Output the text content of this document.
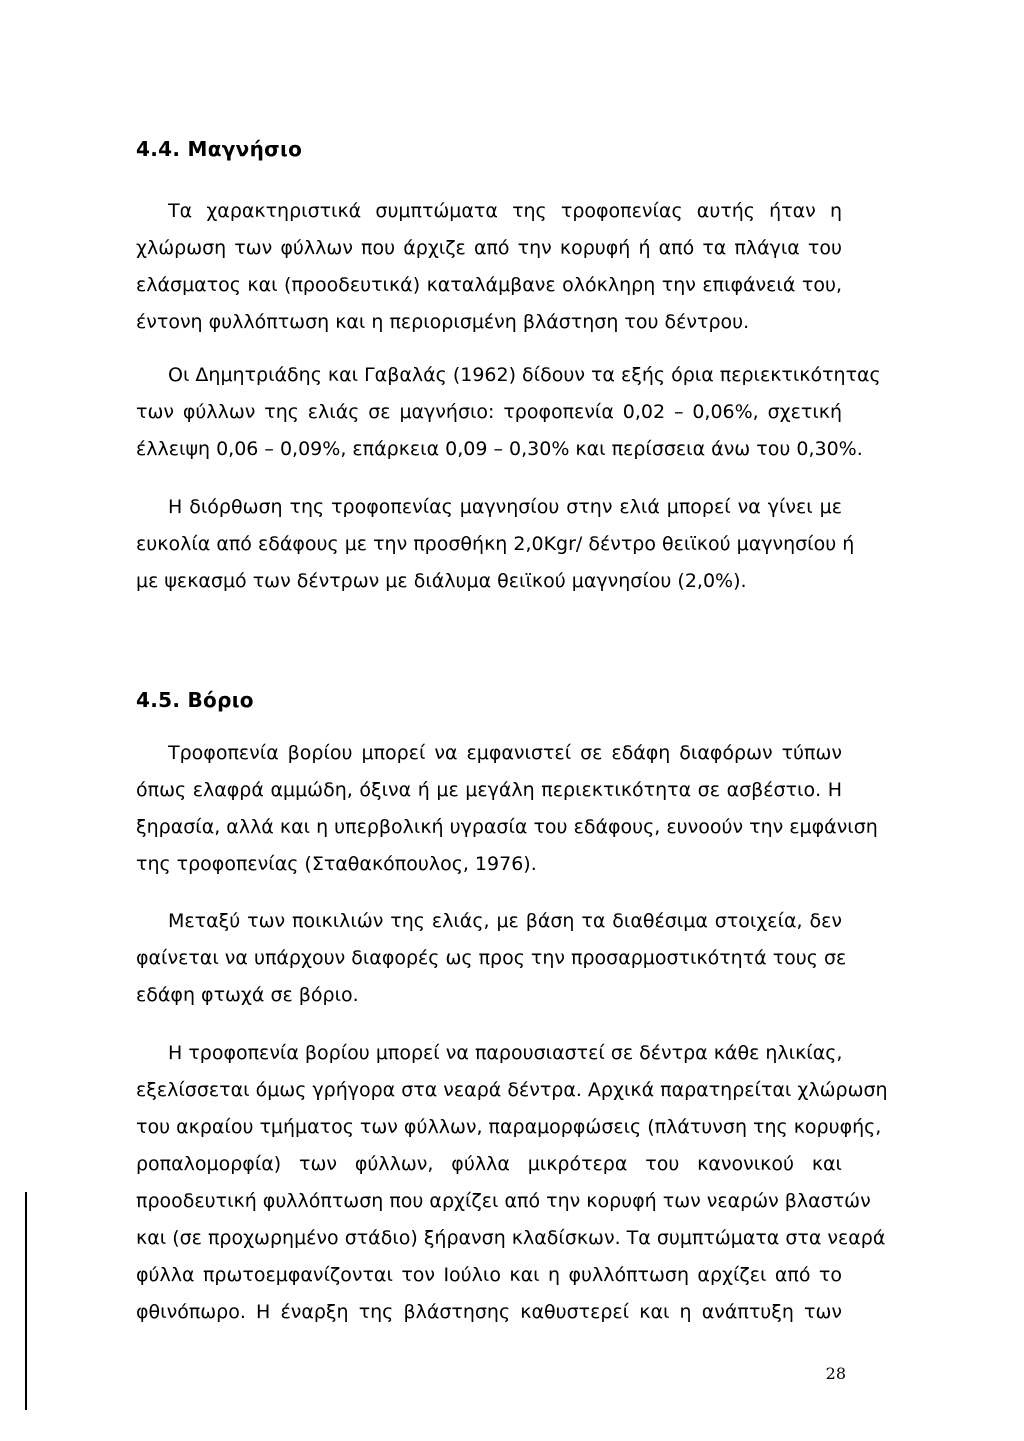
4.4. Μαγνήσιο
Τα χαρακτηριστικά συμπτώματα της τροφοπενίας αυτής ήταν η
χλώρωση των φύλλων που άρχιζε από την κορυφή ή από τα πλάγια του
ελάσματος και (προοδευτικά) καταλάμβανε ολόκληρη την επιφάνειά του,
έντονη φυλλόπτωση και η περιορισμένη βλάστηση του δέντρου.
Οι Δημητριάδης και Γαβαλάς (1962) δίδουν τα εξής όρια περιεκτικότητας
των φύλλων της ελιάς σε μαγνήσιο: τροφοπενία 0,02 – 0,06%, σχετική
έλλειψη 0,06 – 0,09%, επάρκεια 0,09 – 0,30% και περίσσεια άνω του 0,30%.
Η διόρθωση της τροφοπενίας μαγνησίου στην ελιά μπορεί να γίνει με
ευκολία από εδάφους με την προσθήκη 2,0Kgr/ δέντρο θειϊκού μαγνησίου ή
με ψεκασμό των δέντρων με διάλυμα θειϊκού μαγνησίου (2,0%).
4.5. Βόριο
Τροφοπενία βορίου μπορεί να εμφανιστεί σε εδάφη διαφόρων τύπων
όπως ελαφρά αμμώδη, όξινα ή με μεγάλη περιεκτικότητα σε ασβέστιο. Η
ξηρασία, αλλά και η υπερβολική υγρασία του εδάφους, ευνοούν την εμφάνιση
της τροφοπενίας (Σταθακόπουλος, 1976).
Μεταξύ των ποικιλιών της ελιάς, με βάση τα διαθέσιμα στοιχεία, δεν
φαίνεται να υπάρχουν διαφορές ως προς την προσαρμοστικότητά τους σε
εδάφη φτωχά σε βόριο.
Η τροφοπενία βορίου μπορεί να παρουσιαστεί σε δέντρα κάθε ηλικίας,
εξελίσσεται όμως γρήγορα στα νεαρά δέντρα. Αρχικά παρατηρείται χλώρωση
του ακραίου τμήματος των φύλλων, παραμορφώσεις (πλάτυνση της κορυφής,
ροπαλομορφία) των φύλλων, φύλλα μικρότερα του κανονικού και
προοδευτική φυλλόπτωση που αρχίζει από την κορυφή των νεαρών βλαστών
και (σε προχωρημένο στάδιο) ξήρανση κλαδίσκων. Τα συμπτώματα στα νεαρά
φύλλα πρωτοεμφανίζονται τον Ιούλιο και η φυλλόπτωση αρχίζει από το
φθινόπωρο. Η έναρξη της βλάστησης καθυστερεί και η ανάπτυξη των
28
